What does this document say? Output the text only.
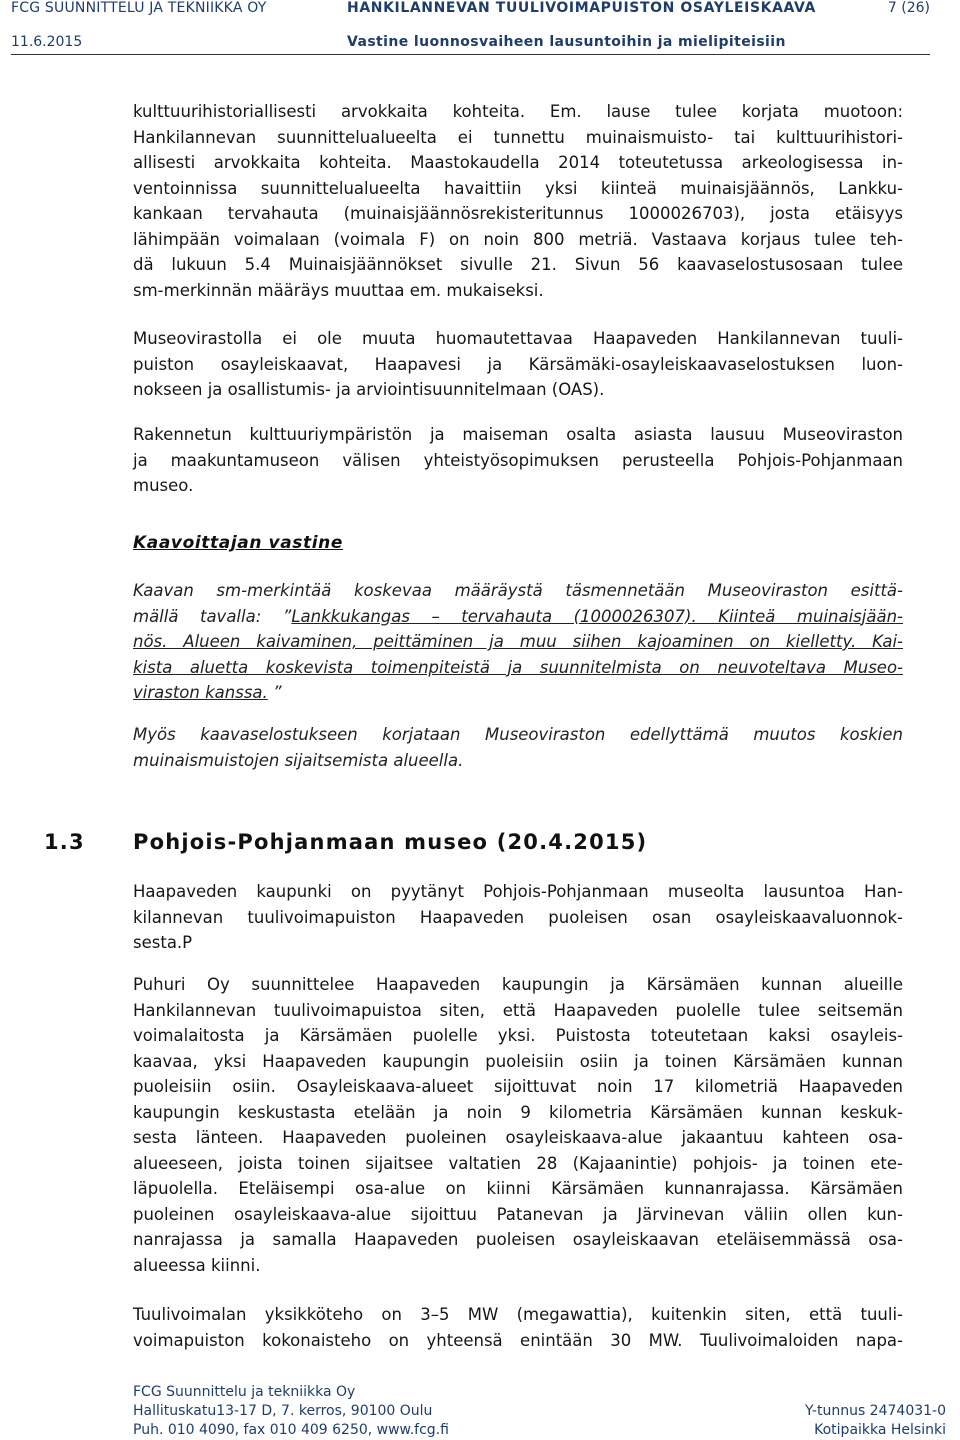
FCG SUUNNITTELU JA TEKNIIKKA OY	HANKILANNEVAN TUULIVOIMAPUISTON OSAYLEISKAAVA	7 (26)
11.6.2015	Vastine luonnosvaiheen lausuntoihin ja mielipiteisiin
kulttuurihistoriallisesti arvokkaita kohteita. Em. lause tulee korjata muotoon:
Hankilannevan suunnittelualueelta ei tunnettu muinaismuisto- tai kulttuurihistori-
allisesti arvokkaita kohteita. Maastokaudella 2014 toteutetussa arkeologisessa in-
ventoinnissa suunnittelualueelta havaittiin yksi kiinteä muinaisjäännös, Lankku-
kankaan tervahauta (muinaisjäännösrekisteritunnus 1000026703), josta etäisyys
lähimpään voimalaan (voimala F) on noin 800 metriä. Vastaava korjaus tulee teh-
dä lukuun 5.4 Muinaisjäännökset sivulle 21. Sivun 56 kaavaselostusosaan tulee
sm-merkinnän määräys muuttaa em. mukaiseksi.
Museovirastolla ei ole muuta huomautettavaa Haapaveden Hankilannevan tuuli-
puiston osayleiskaavat, Haapavesi ja Kärsämäki-osayleiskaavaselostuksen luon-
nokseen ja osallistumis- ja arviointisuunnitelmaan (OAS).
Rakennetun kulttuuriympäristön ja maiseman osalta asiasta lausuu Museoviraston
ja maakuntamuseon välisen yhteistyösopimuksen perusteella Pohjois-Pohjanmaan
museo.
Kaavoittajan vastine
Kaavan sm-merkintää koskevaa määräystä täsmennetään Museoviraston esittä-
mällä tavalla: ”Lankkukangas – tervahauta (1000026307). Kiinteä muinaisjään-
nös. Alueen kaivaminen, peittäminen ja muu siihen kajoaminen on kielletty. Kai-
kista aluetta koskevista toimenpiteistä ja suunnitelmista on neuvoteltava Museo-
viraston kanssa. ”
Myös kaavaselostukseen korjataan Museoviraston edellyttämä muutos koskien
muinaismuistojen sijaitsemista alueella.
1.3 Pohjois-Pohjanmaan museo (20.4.2015)
Haapaveden kaupunki on pyytänyt Pohjois-Pohjanmaan museolta lausuntoa Han-
kilannevan tuulivoimapuiston Haapaveden puoleisen osan osayleiskaavaluonnok-
sesta.P
Puhuri Oy suunnittelee Haapaveden kaupungin ja Kärsämäen kunnan alueille
Hankilannevan tuulivoimapuistoa siten, että Haapaveden puolelle tulee seitsemän
voimalaitosta ja Kärsämäen puolelle yksi. Puistosta toteutetaan kaksi osayleis-
kaavaa, yksi Haapaveden kaupungin puoleisiin osiin ja toinen Kärsämäen kunnan
puoleisiin osiin. Osayleiskaava-alueet sijoittuvat noin 17 kilometriä Haapaveden
kaupungin keskustasta etelään ja noin 9 kilometria Kärsämäen kunnan keskuk-
sesta länteen. Haapaveden puoleinen osayleiskaava-alue jakaantuu kahteen osa-
alueeseen, joista toinen sijaitsee valtatien 28 (Kajaanintie) pohjois- ja toinen ete-
läpuolella. Eteläisempi osa-alue on kiinni Kärsämäen kunnanrajassa. Kärsämäen
puoleinen osayleiskaava-alue sijoittuu Patanevan ja Järvinevan väliin ollen kun-
nanrajassa ja samalla Haapaveden puoleisen osayleiskaavan eteläisemmässä osa-
alueessa kiinni.
Tuulivoimalan yksikköteho on 3–5 MW (megawattia), kuitenkin siten, että tuuli-
voimapuiston kokonaisteho on yhteensä enintään 30 MW. Tuulivoimaloiden napa-
FCG Suunnittelu ja tekniikka Oy
Hallituskatu13-17 D, 7. kerros, 90100 Oulu	Y-tunnus 2474031-0
Puh. 010 4090, fax 010 409 6250, www.fcg.fi	Kotipaikka Helsinki
